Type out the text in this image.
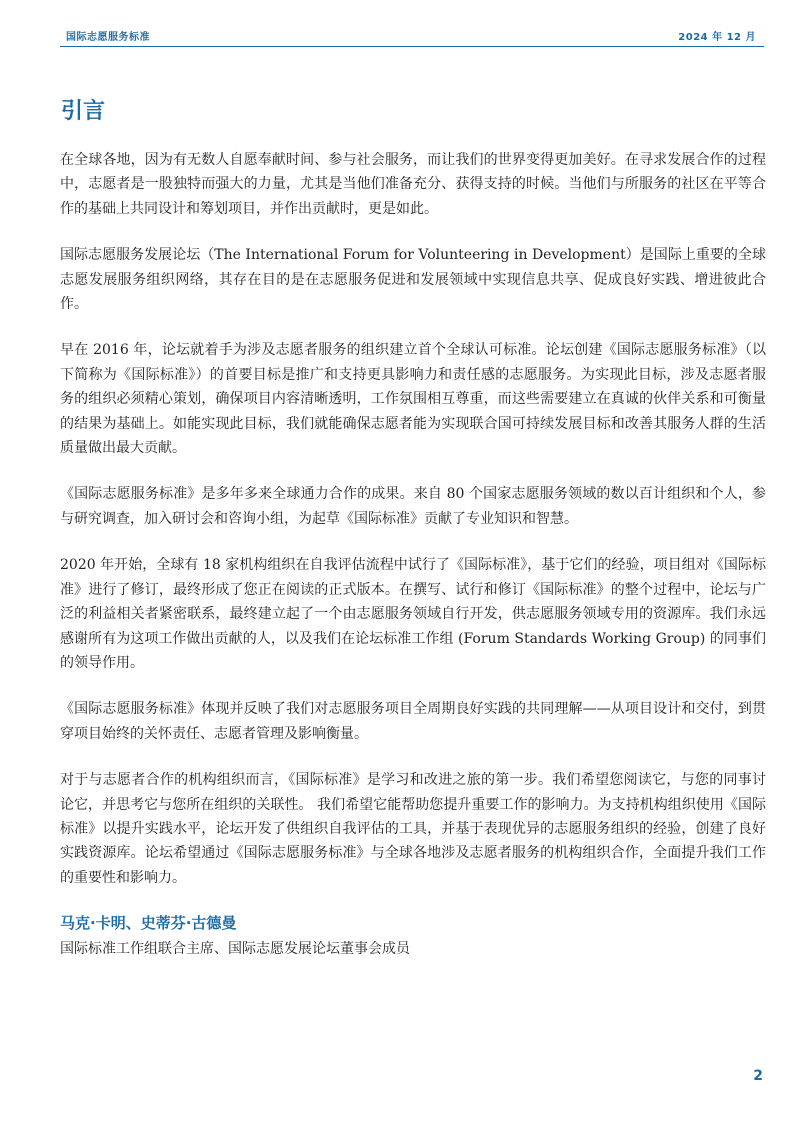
国际志愿服务标准	2024 年 12 月
引言

在全球各地，因为有无数人自愿奉献时间、参与社会服务，而让我们的世界变得更加美好。在寻求发展合作的过程中，志愿者是一股独特而强大的力量，尤其是当他们准备充分、获得支持的时候。当他们与所服务的社区在平等合作的基础上共同设计和筹划项目，并作出贡献时，更是如此。

国际志愿服务发展论坛（The International Forum for Volunteering in Development）是国际上重要的全球志愿发展服务组织网络，其存在目的是在志愿服务促进和发展领域中实现信息共享、促成良好实践、增进彼此合作。

早在 2016 年，论坛就着手为涉及志愿者服务的组织建立首个全球认可标准。论坛创建《国际志愿服务标准》（以下简称为《国际标准》）的首要目标是推广和支持更具影响力和责任感的志愿服务。为实现此目标，涉及志愿者服务的组织必须精心策划，确保项目内容清晰透明，工作氛围相互尊重，而这些需要建立在真诚的伙伴关系和可衡量的结果为基础上。如能实现此目标，我们就能确保志愿者能为实现联合国可持续发展目标和改善其服务人群的生活质量做出最大贡献。

《国际志愿服务标准》是多年多来全球通力合作的成果。来自 80 个国家志愿服务领域的数以百计组织和个人，参与研究调查，加入研讨会和咨询小组，为起草《国际标准》贡献了专业知识和智慧。

2020 年开始，全球有 18 家机构组织在自我评估流程中试行了《国际标准》，基于它们的经验，项目组对《国际标准》进行了修订，最终形成了您正在阅读的正式版本。在撰写、试行和修订《国际标准》的整个过程中，论坛与广泛的利益相关者紧密联系，最终建立起了一个由志愿服务领域自行开发，供志愿服务领域专用的资源库。我们永远感谢所有为这项工作做出贡献的人，以及我们在论坛标准工作组 (Forum Standards Working Group) 的同事们的领导作用。

《国际志愿服务标准》体现并反映了我们对志愿服务项目全周期良好实践的共同理解——从项目设计和交付，到贯穿项目始终的关怀责任、志愿者管理及影响衡量。

对于与志愿者合作的机构组织而言，《国际标准》是学习和改进之旅的第一步。我们希望您阅读它，与您的同事讨论它，并思考它与您所在组织的关联性。 我们希望它能帮助您提升重要工作的影响力。为支持机构组织使用《国际标准》以提升实践水平，论坛开发了供组织自我评估的工具，并基于表现优异的志愿服务组织的经验，创建了良好实践资源库。论坛希望通过《国际志愿服务标准》与全球各地涉及志愿者服务的机构组织合作，全面提升我们工作的重要性和影响力。

马克·卡明、史蒂芬·古德曼
国际标准工作组联合主席、国际志愿发展论坛董事会成员
2
